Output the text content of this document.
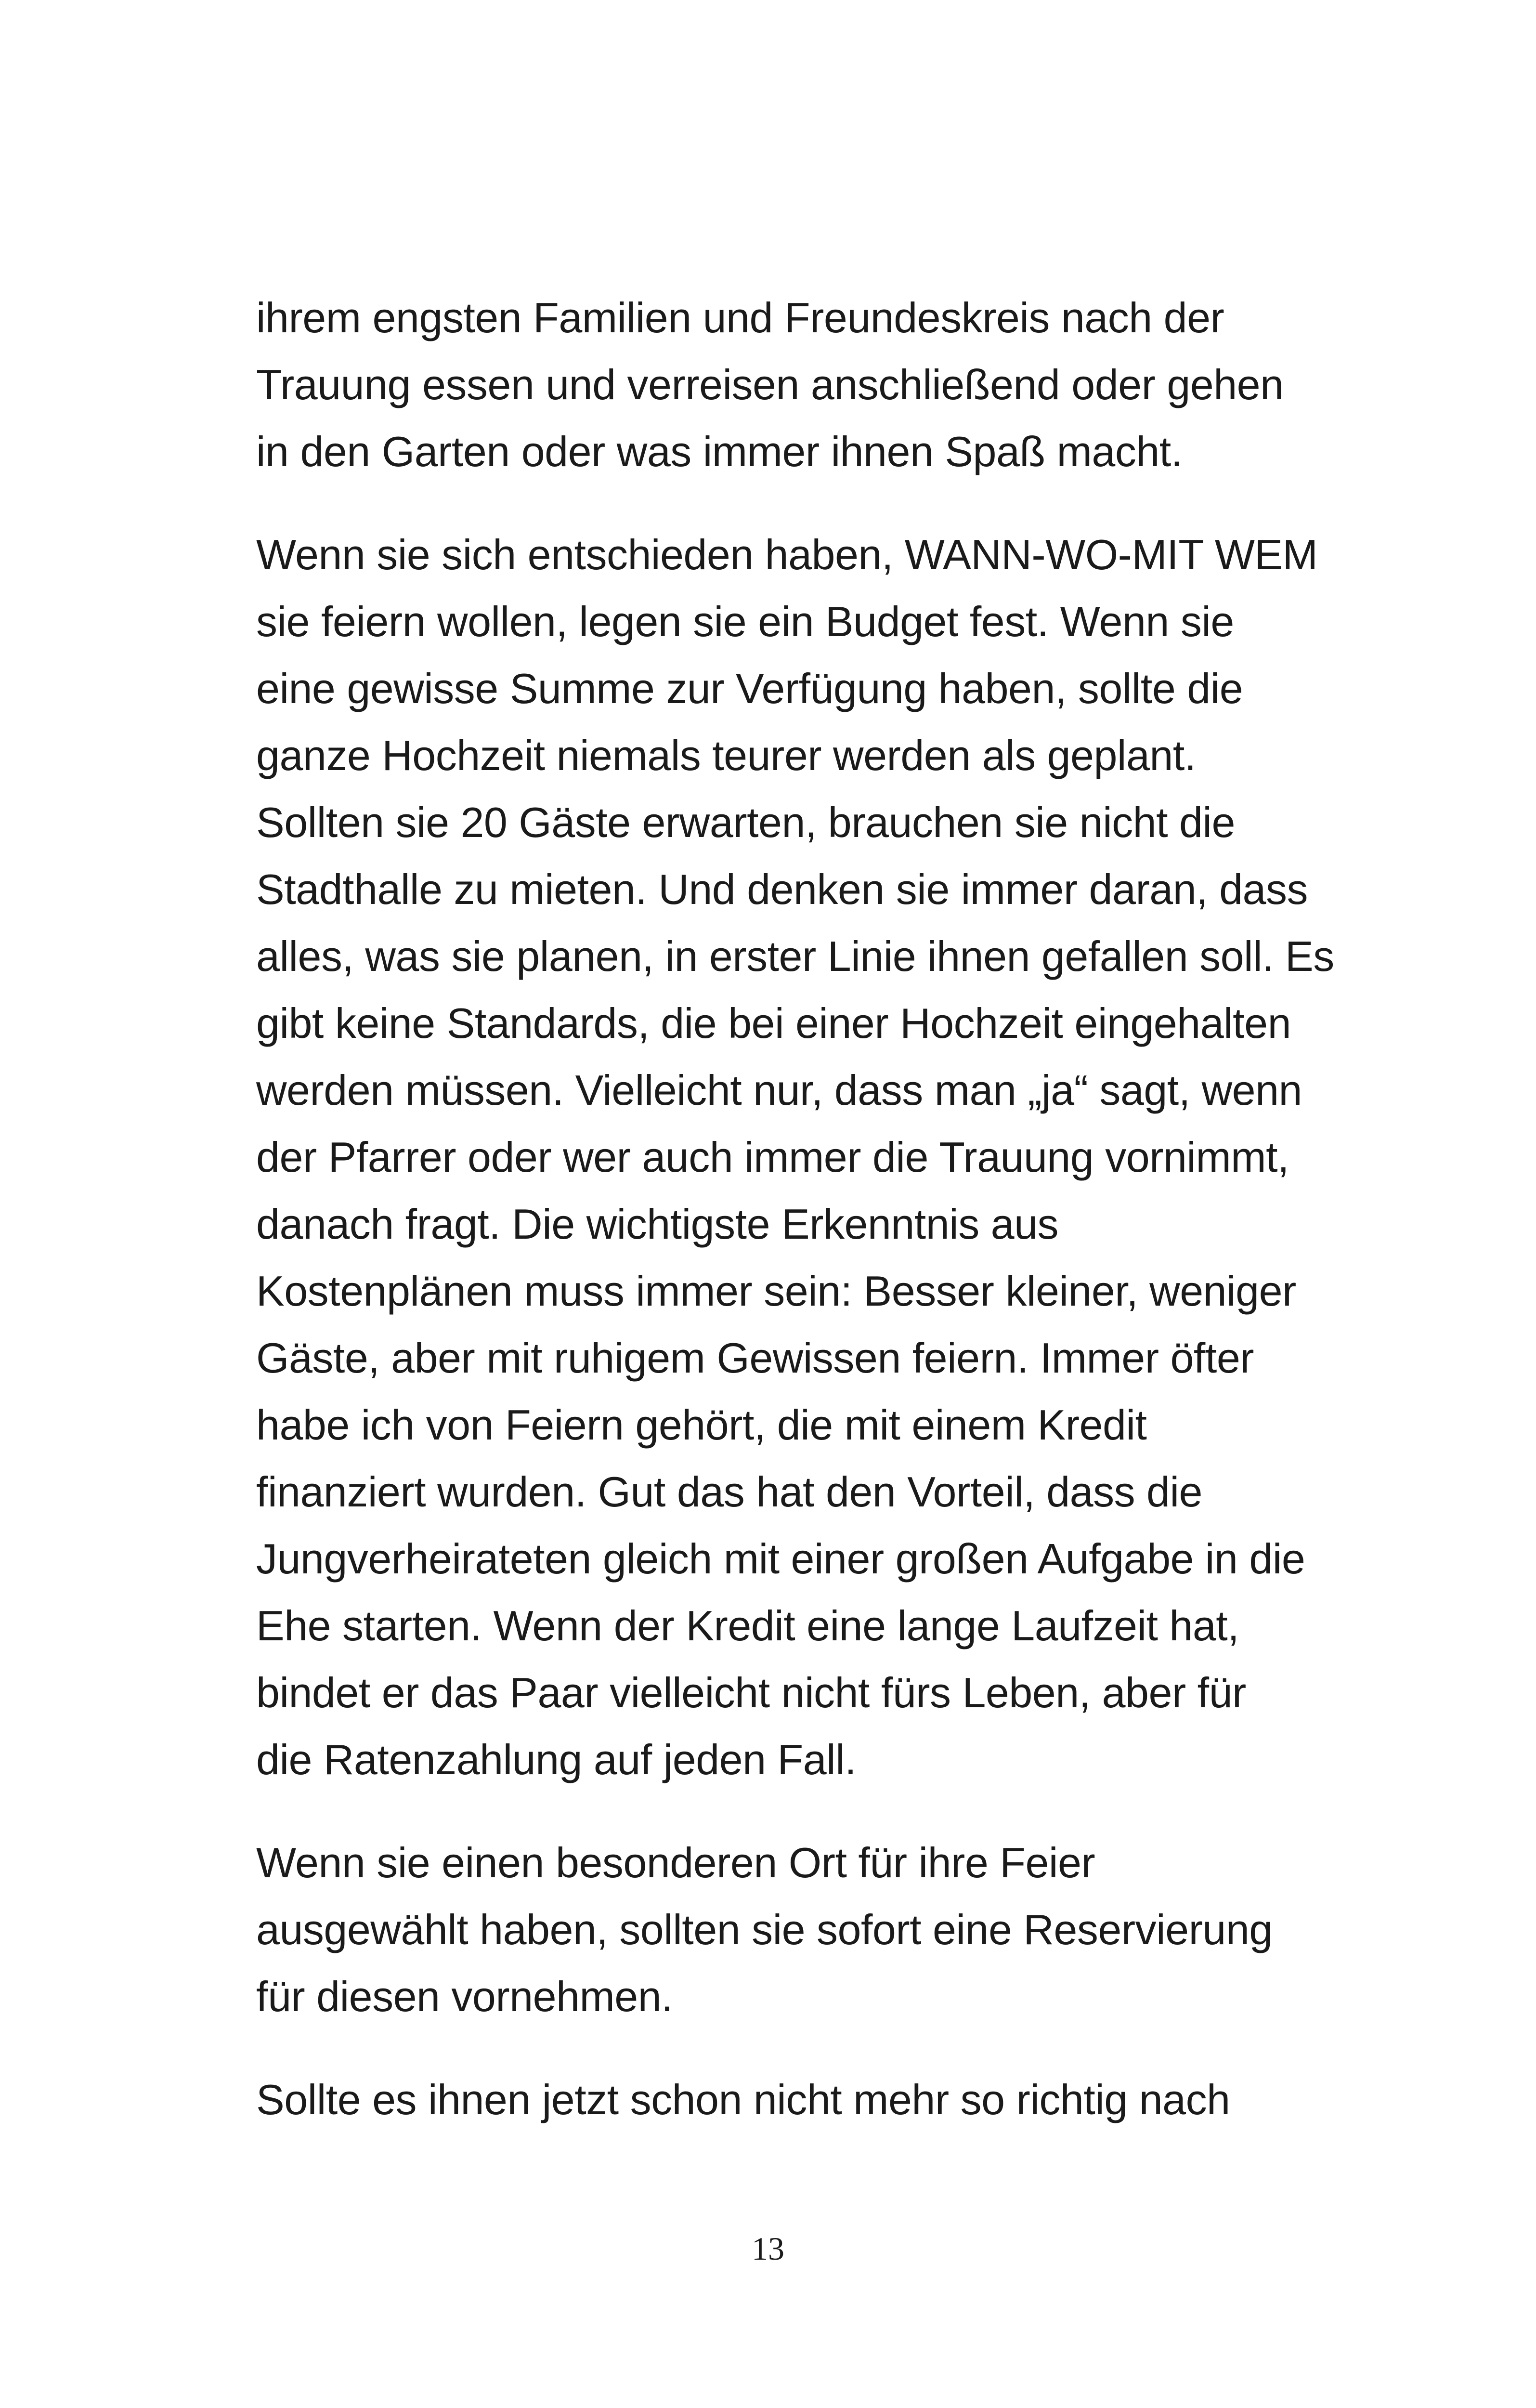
ihrem engsten Familien und Freundeskreis nach der
Trauung essen und verreisen anschließend oder gehen
in den Garten oder was immer ihnen Spaß macht.

Wenn sie sich entschieden haben, WANN-WO-MIT WEM
sie feiern wollen, legen sie ein Budget fest. Wenn sie
eine gewisse Summe zur Verfügung haben, sollte die
ganze Hochzeit niemals teurer werden als geplant.
Sollten sie 20 Gäste erwarten, brauchen sie nicht die
Stadthalle zu mieten. Und denken sie immer daran, dass
alles, was sie planen, in erster Linie ihnen gefallen soll. Es
gibt keine Standards, die bei einer Hochzeit eingehalten
werden müssen. Vielleicht nur, dass man „ja“ sagt, wenn
der Pfarrer oder wer auch immer die Trauung vornimmt,
danach fragt. Die wichtigste Erkenntnis aus
Kostenplänen muss immer sein: Besser kleiner, weniger
Gäste, aber mit ruhigem Gewissen feiern. Immer öfter
habe ich von Feiern gehört, die mit einem Kredit
finanziert wurden. Gut das hat den Vorteil, dass die
Jungverheirateten gleich mit einer großen Aufgabe in die
Ehe starten. Wenn der Kredit eine lange Laufzeit hat,
bindet er das Paar vielleicht nicht fürs Leben, aber für
die Ratenzahlung auf jeden Fall.

Wenn sie einen besonderen Ort für ihre Feier
ausgewählt haben, sollten sie sofort eine Reservierung
für diesen vornehmen.

Sollte es ihnen jetzt schon nicht mehr so richtig nach

13
